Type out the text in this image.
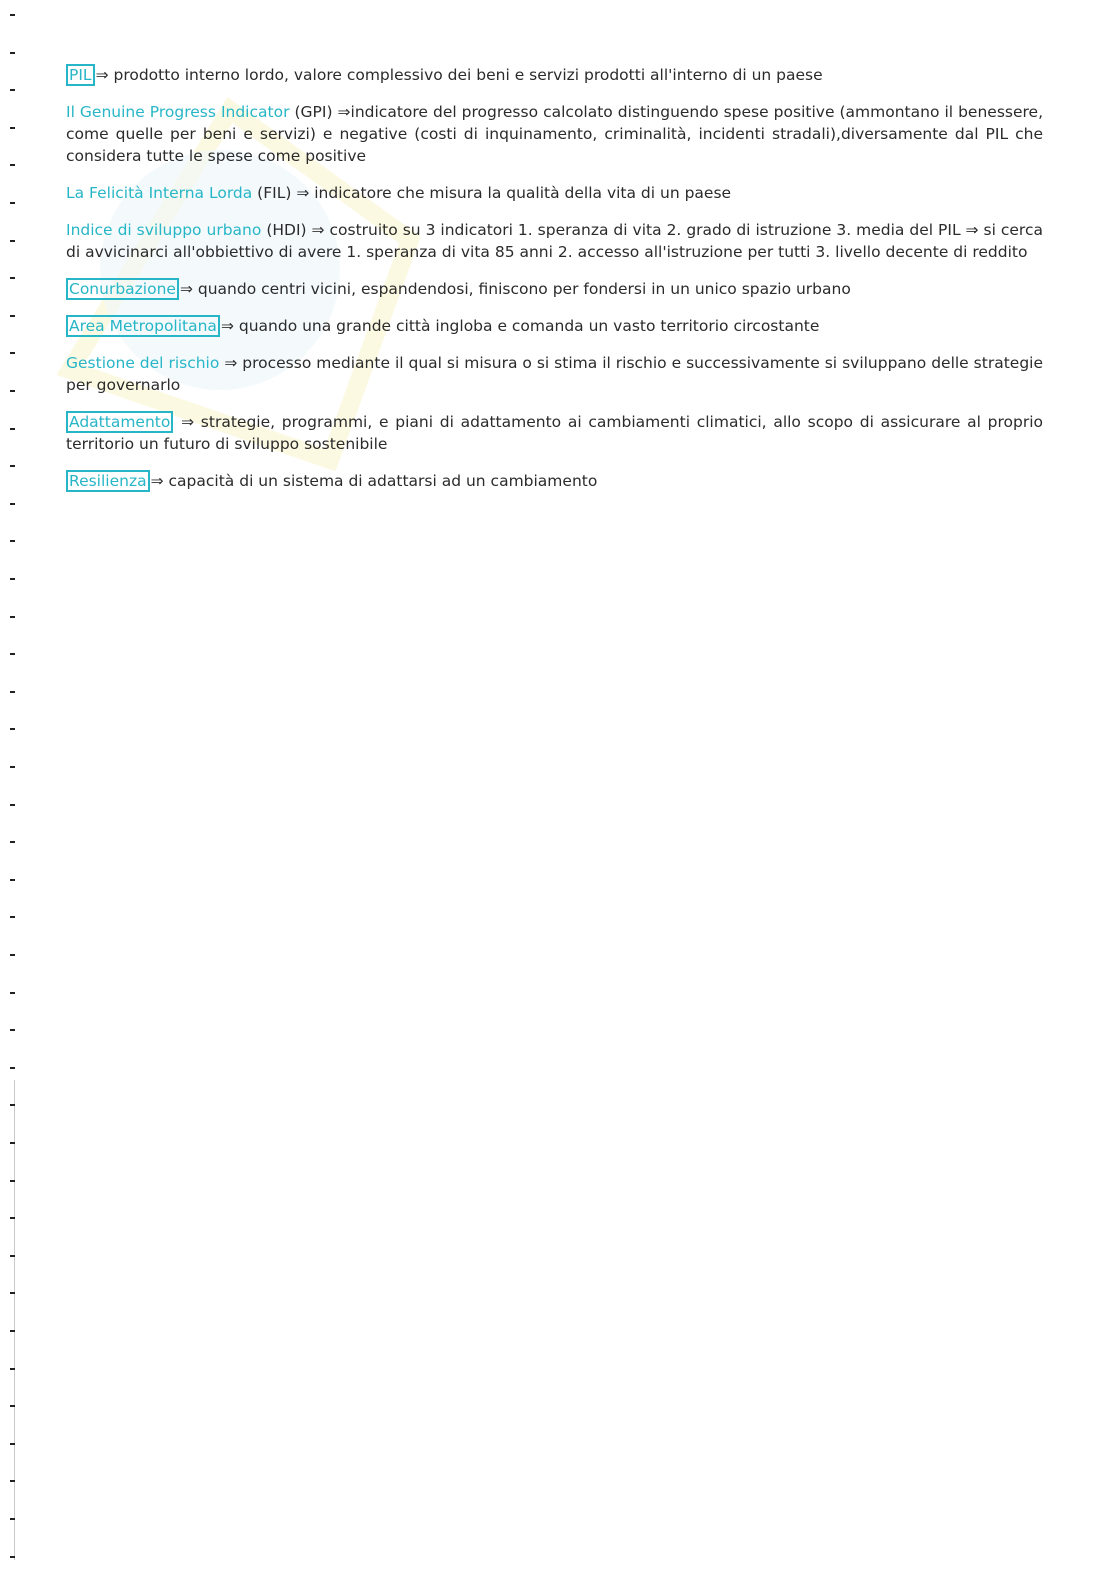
PIL ⇒ prodotto interno lordo, valore complessivo dei beni e servizi prodotti all'interno di un paese

Il Genuine Progress Indicator (GPI) ⇒indicatore del progresso calcolato distinguendo spese positive (ammontano il benessere, come quelle per beni e servizi) e negative (costi di inquinamento, criminalità, incidenti stradali),diversamente dal PIL che considera tutte le spese come positive

La Felicità Interna Lorda (FIL) ⇒ indicatore che misura la qualità della vita di un paese

Indice di sviluppo urbano (HDI) ⇒ costruito su 3 indicatori 1. speranza di vita 2. grado di istruzione 3. media del PIL ⇒ si cerca di avvicinarci all'obbiettivo di avere 1. speranza di vita 85 anni 2. accesso all'istruzione per tutti 3. livello decente di reddito

Conurbazione ⇒ quando centri vicini, espandendosi, finiscono per fondersi in un unico spazio urbano

Area Metropolitana ⇒ quando una grande città ingloba e comanda un vasto territorio circostante

Gestione del rischio ⇒ processo mediante il qual si misura o si stima il rischio e successivamente si sviluppano delle strategie per governarlo

Adattamento ⇒ strategie, programmi, e piani di adattamento ai cambiamenti climatici, allo scopo di assicurare al proprio territorio un futuro di sviluppo sostenibile

Resilienza ⇒ capacità di un sistema di adattarsi ad un cambiamento
